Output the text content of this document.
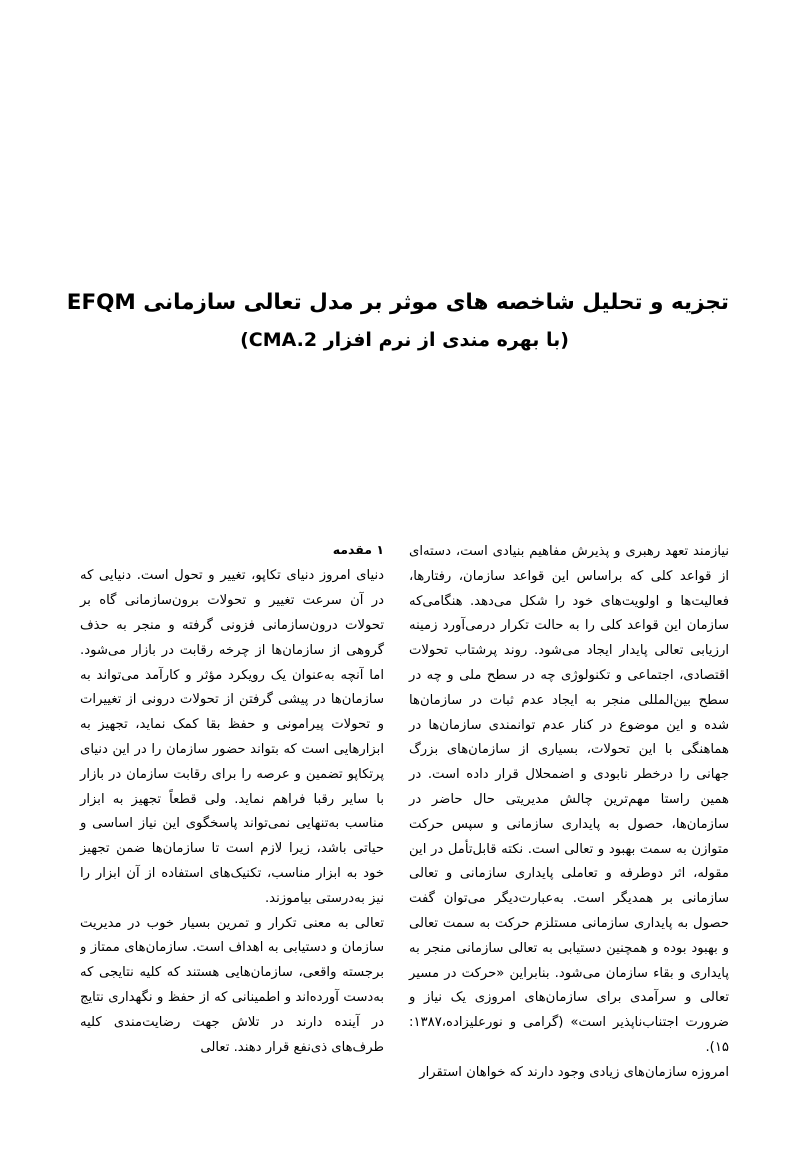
تجزیه و تحلیل شاخصه های موثر بر مدل تعالی سازمانی EFQM
(با بهره مندی از نرم افزار CMA.2)
۱ مقدمه

دنیای امروز دنیای تکاپو، تغییر و تحول است. دنیایی که در آن سرعت تغییر و تحولات برون‌سازمانی گاه بر تحولات درون‌سازمانی فزونی گرفته و منجر به حذف گروهی از سازمان‌ها از چرخه رقابت در بازار می‌شود. اما آنچه به‌عنوان یک رویکرد مؤثر و کارآمد می‌تواند به سازمان‌ها در پیشی گرفتن از تحولات درونی از تغییرات و تحولات پیرامونی و حفظ بقا کمک نماید، تجهیز به ابزارهایی است که بتواند حضور سازمان را در این دنیای پرتکاپو تضمین و عرصه را برای رقابت سازمان در بازار با سایر رقبا فراهم نماید. ولی قطعاً تجهیز به ابزار مناسب به‌تنهایی نمی‌تواند پاسخگوی این نیاز اساسی و حیاتی باشد، زیرا لازم است تا سازمان‌ها ضمن تجهیز خود به ابزار مناسب، تکنیک‌های استفاده از آن ابزار را نیز به‌درستی بیاموزند.

تعالی به معنی تکرار و تمرین بسیار خوب در مدیریت سازمان و دستیابی به اهداف است. سازمان‌های ممتاز و برجسته واقعی، سازمان‌هایی هستند که کلیه نتایجی که به‌دست آورده‌اند و اطمینانی که از حفظ و نگهداری نتایج در آینده دارند در تلاش جهت رضایت‌مندی کلیه طرف‌های ذی‌نفع قرار دهند. تعالی

نیازمند تعهد رهبری و پذیرش مفاهیم بنیادی است، دسته‌ای از قواعد کلی که براساس این قواعد سازمان، رفتارها، فعالیت‌ها و اولویت‌های خود را شکل می‌دهد. هنگامی‌که سازمان این قواعد کلی را به حالت تکرار درمی‌آورد زمینه ارزیابی تعالی پایدار ایجاد می‌شود. روند پرشتاب تحولات اقتصادی، اجتماعی و تکنولوژی چه در سطح ملی و چه در سطح بین‌المللی منجر به ایجاد عدم ثبات در سازمان‌ها شده و این موضوع در کنار عدم توانمندی سازمان‌ها در هماهنگی با این تحولات، بسیاری از سازمان‌های بزرگ جهانی را درخطر نابودی و اضمحلال قرار داده است. در همین راستا مهم‌ترین چالش مدیریتی حال حاضر در سازمان‌ها، حصول به پایداری سازمانی و سپس حرکت متوازن به سمت بهبود و تعالی است. نکته قابل‌تأمل در این مقوله، اثر دوطرفه و تعاملی پایداری سازمانی و تعالی سازمانی بر همدیگر است. به‌عبارت‌دیگر می‌توان گفت حصول به پایداری سازمانی مستلزم حرکت به سمت تعالی و بهبود بوده و همچنین دستیابی به تعالی سازمانی منجر به پایداری و بقاء سازمان می‌شود. بنابراین «حرکت در مسیر تعالی و سرآمدی برای سازمان‌های امروزی یک نیاز و ضرورت اجتناب‌ناپذیر است» (گرامی و نورعلیزاده،۱۳۸۷: ۱۵).

امروزه سازمان‌های زیادی وجود دارند که خواهان استقرار
